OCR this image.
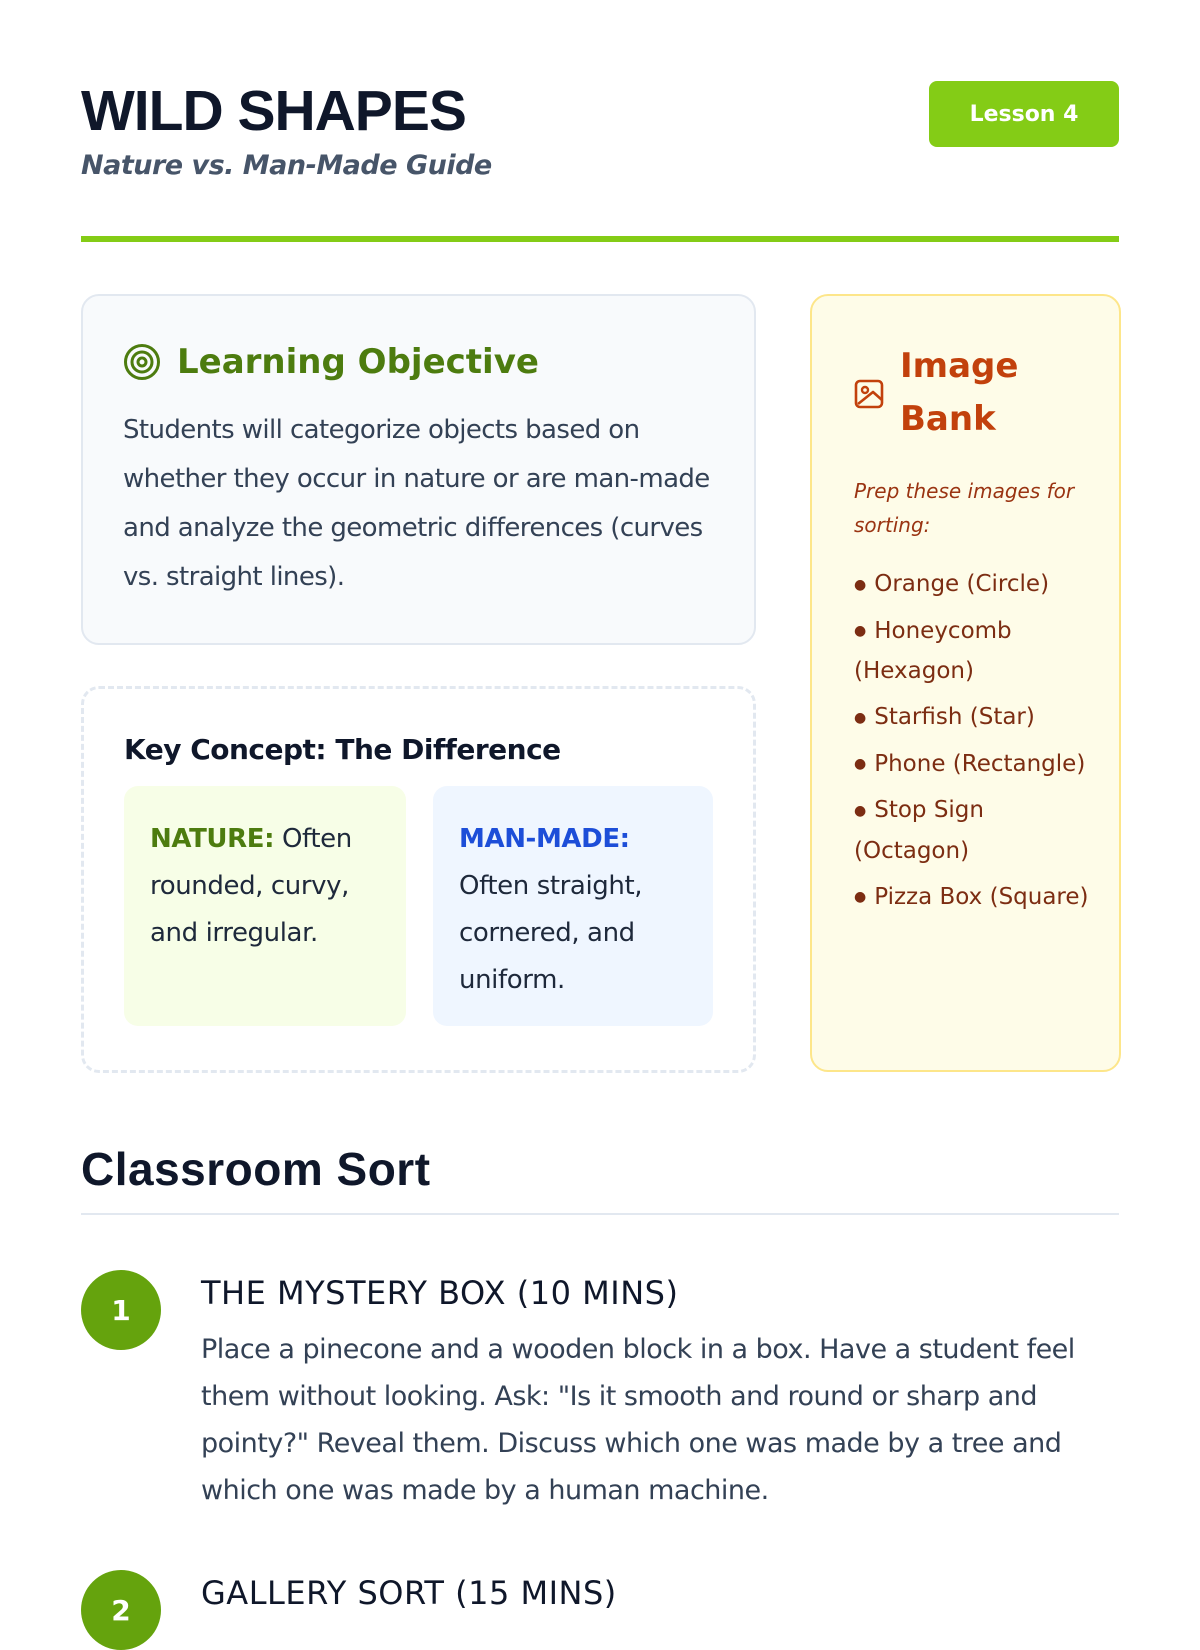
WILD SHAPES
Nature vs. Man-Made Guide
Lesson 4
Learning Objective

Students will categorize objects based on whether they occur in nature or are man-made and analyze the geometric differences (curves vs. straight lines).

Key Concept: The Difference
NATURE: Often rounded, curvy, and irregular.
MAN-MADE: Often straight, cornered, and uniform.
Image Bank

Prep these images for sorting:

● Orange (Circle)
● Honeycomb (Hexagon)
● Starfish (Star)
● Phone (Rectangle)
● Stop Sign (Octagon)
● Pizza Box (Square)
Classroom Sort
1	THE MYSTERY BOX (10 MINS)

Place a pinecone and a wooden block in a box. Have a student feel them without looking. Ask: "Is it smooth and round or sharp and pointy?" Reveal them. Discuss which one was made by a tree and which one was made by a human machine.

2	GALLERY SORT (15 MINS)
